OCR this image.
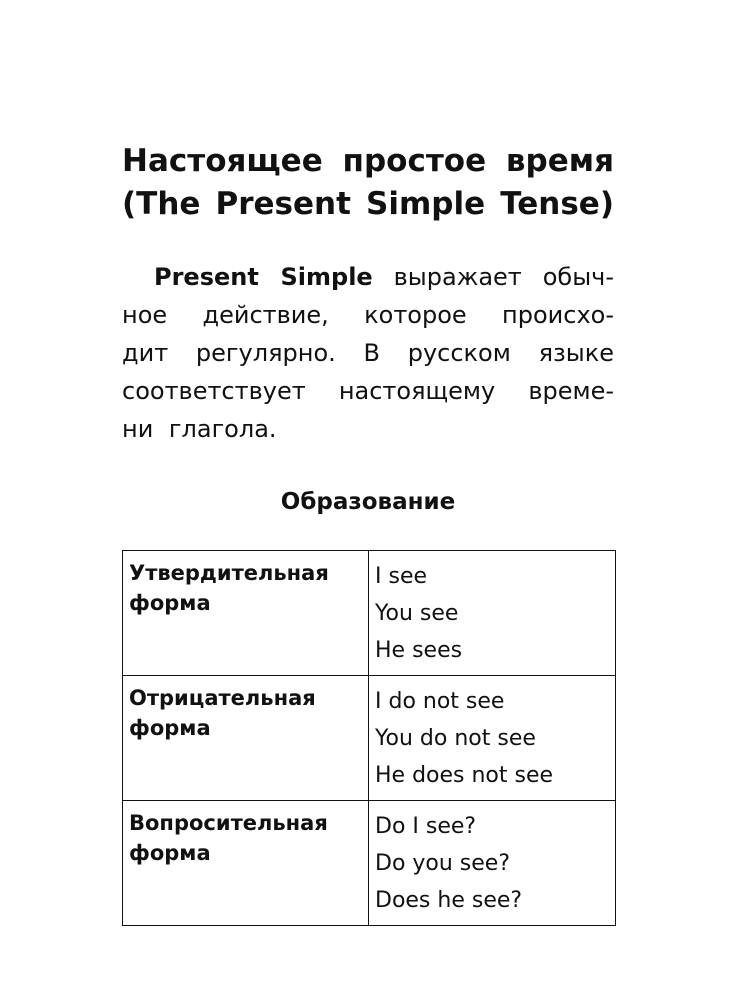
Настоящее простое время
(The Present Simple Tense)

Present Simple выражает обыч-
ное действие, которое происхо-
дит регулярно. В русском языке
соответствует настоящему време-
ни глагола.

Образование
Утвердительная форма	I see
You see
He sees

Отрицательная форма	I do not see
You do not see
He does not see

Вопросительная форма	Do I see?
Do you see?
Does he see?
